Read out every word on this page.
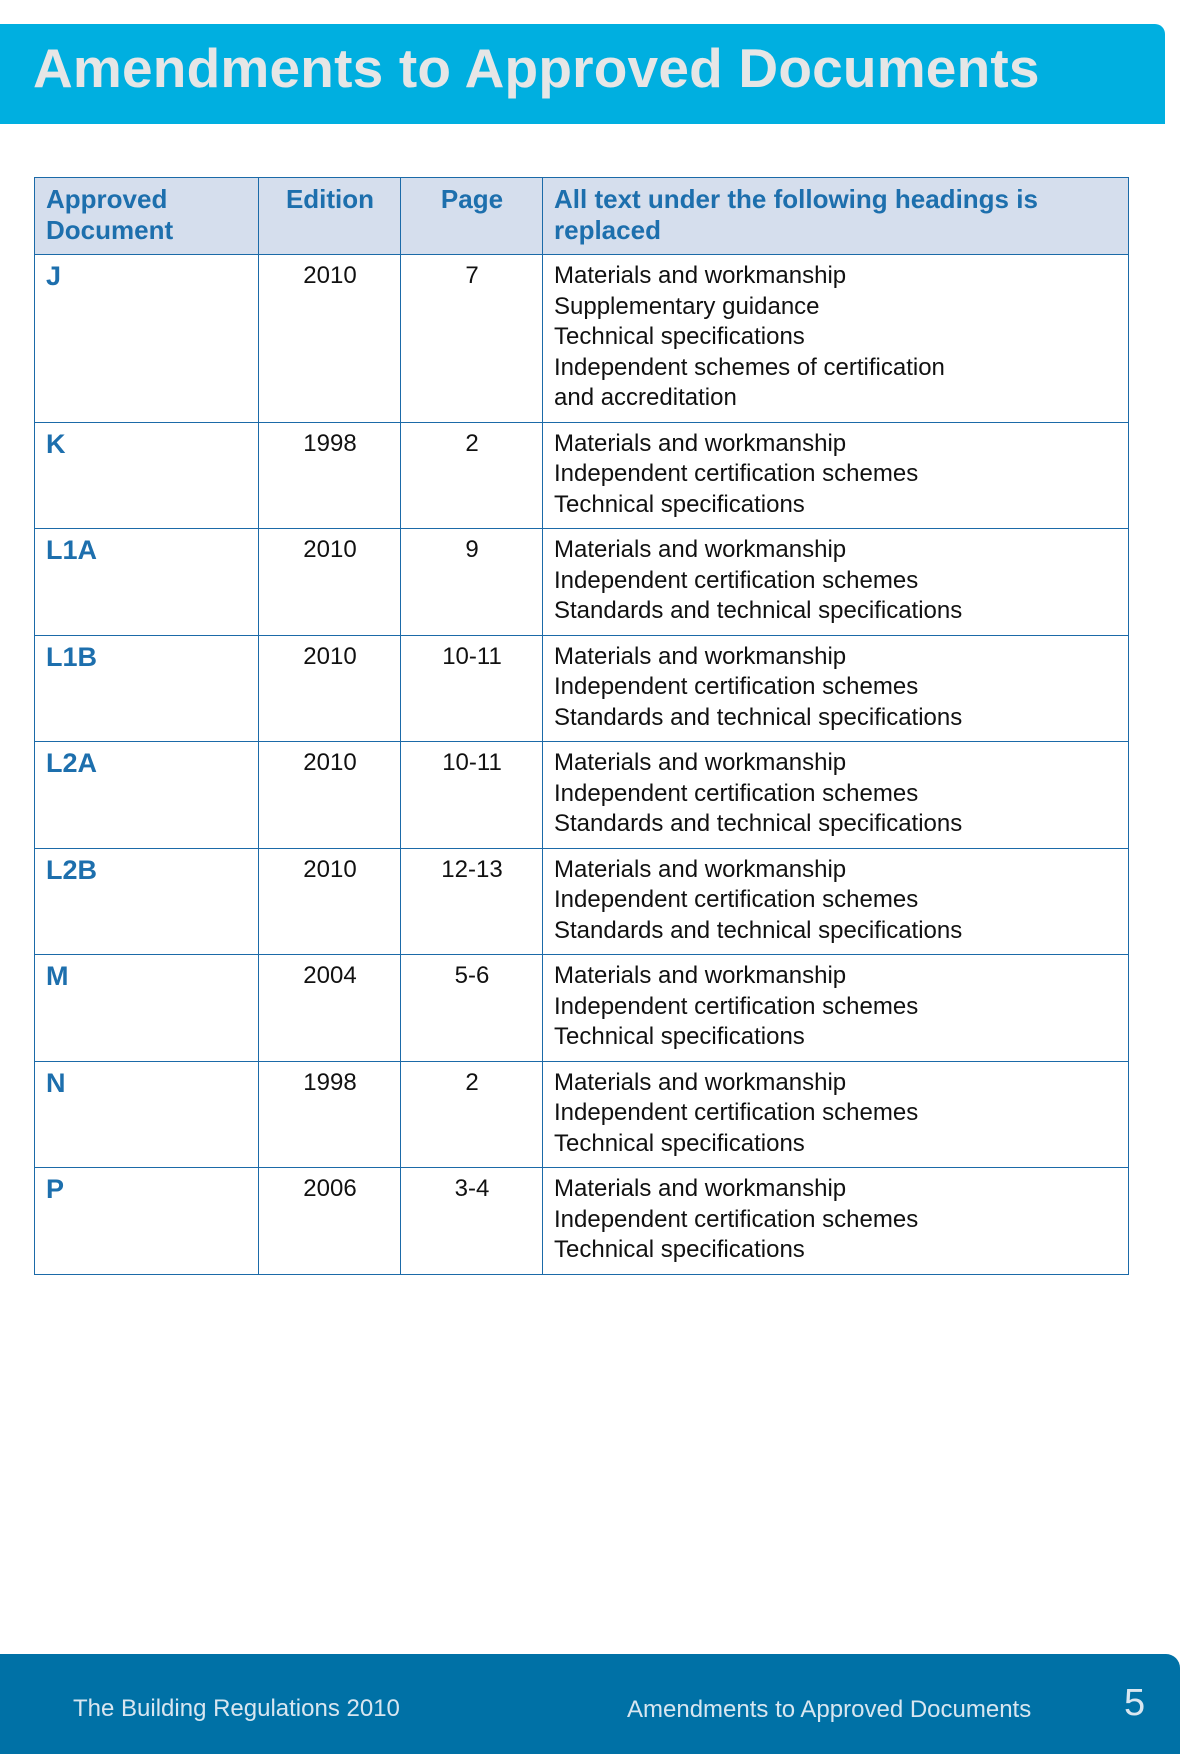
Amendments to Approved Documents
Approved Document	Edition	Page	All text under the following headings is replaced
J	2010	7	Materials and workmanship
Supplementary guidance
Technical specifications
Independent schemes of certification
and accreditation

K	1998	2	Materials and workmanship
Independent certification schemes
Technical specifications

L1A	2010	9	Materials and workmanship
Independent certification schemes
Standards and technical specifications

L1B	2010	10-11	Materials and workmanship
Independent certification schemes
Standards and technical specifications

L2A	2010	10-11	Materials and workmanship
Independent certification schemes
Standards and technical specifications

L2B	2010	12-13	Materials and workmanship
Independent certification schemes
Standards and technical specifications

M	2004	5-6	Materials and workmanship
Independent certification schemes
Technical specifications

N	1998	2	Materials and workmanship
Independent certification schemes
Technical specifications

P	2006	3-4	Materials and workmanship
Independent certification schemes
Technical specifications
The Building Regulations 2010	Amendments to Approved Documents 5
